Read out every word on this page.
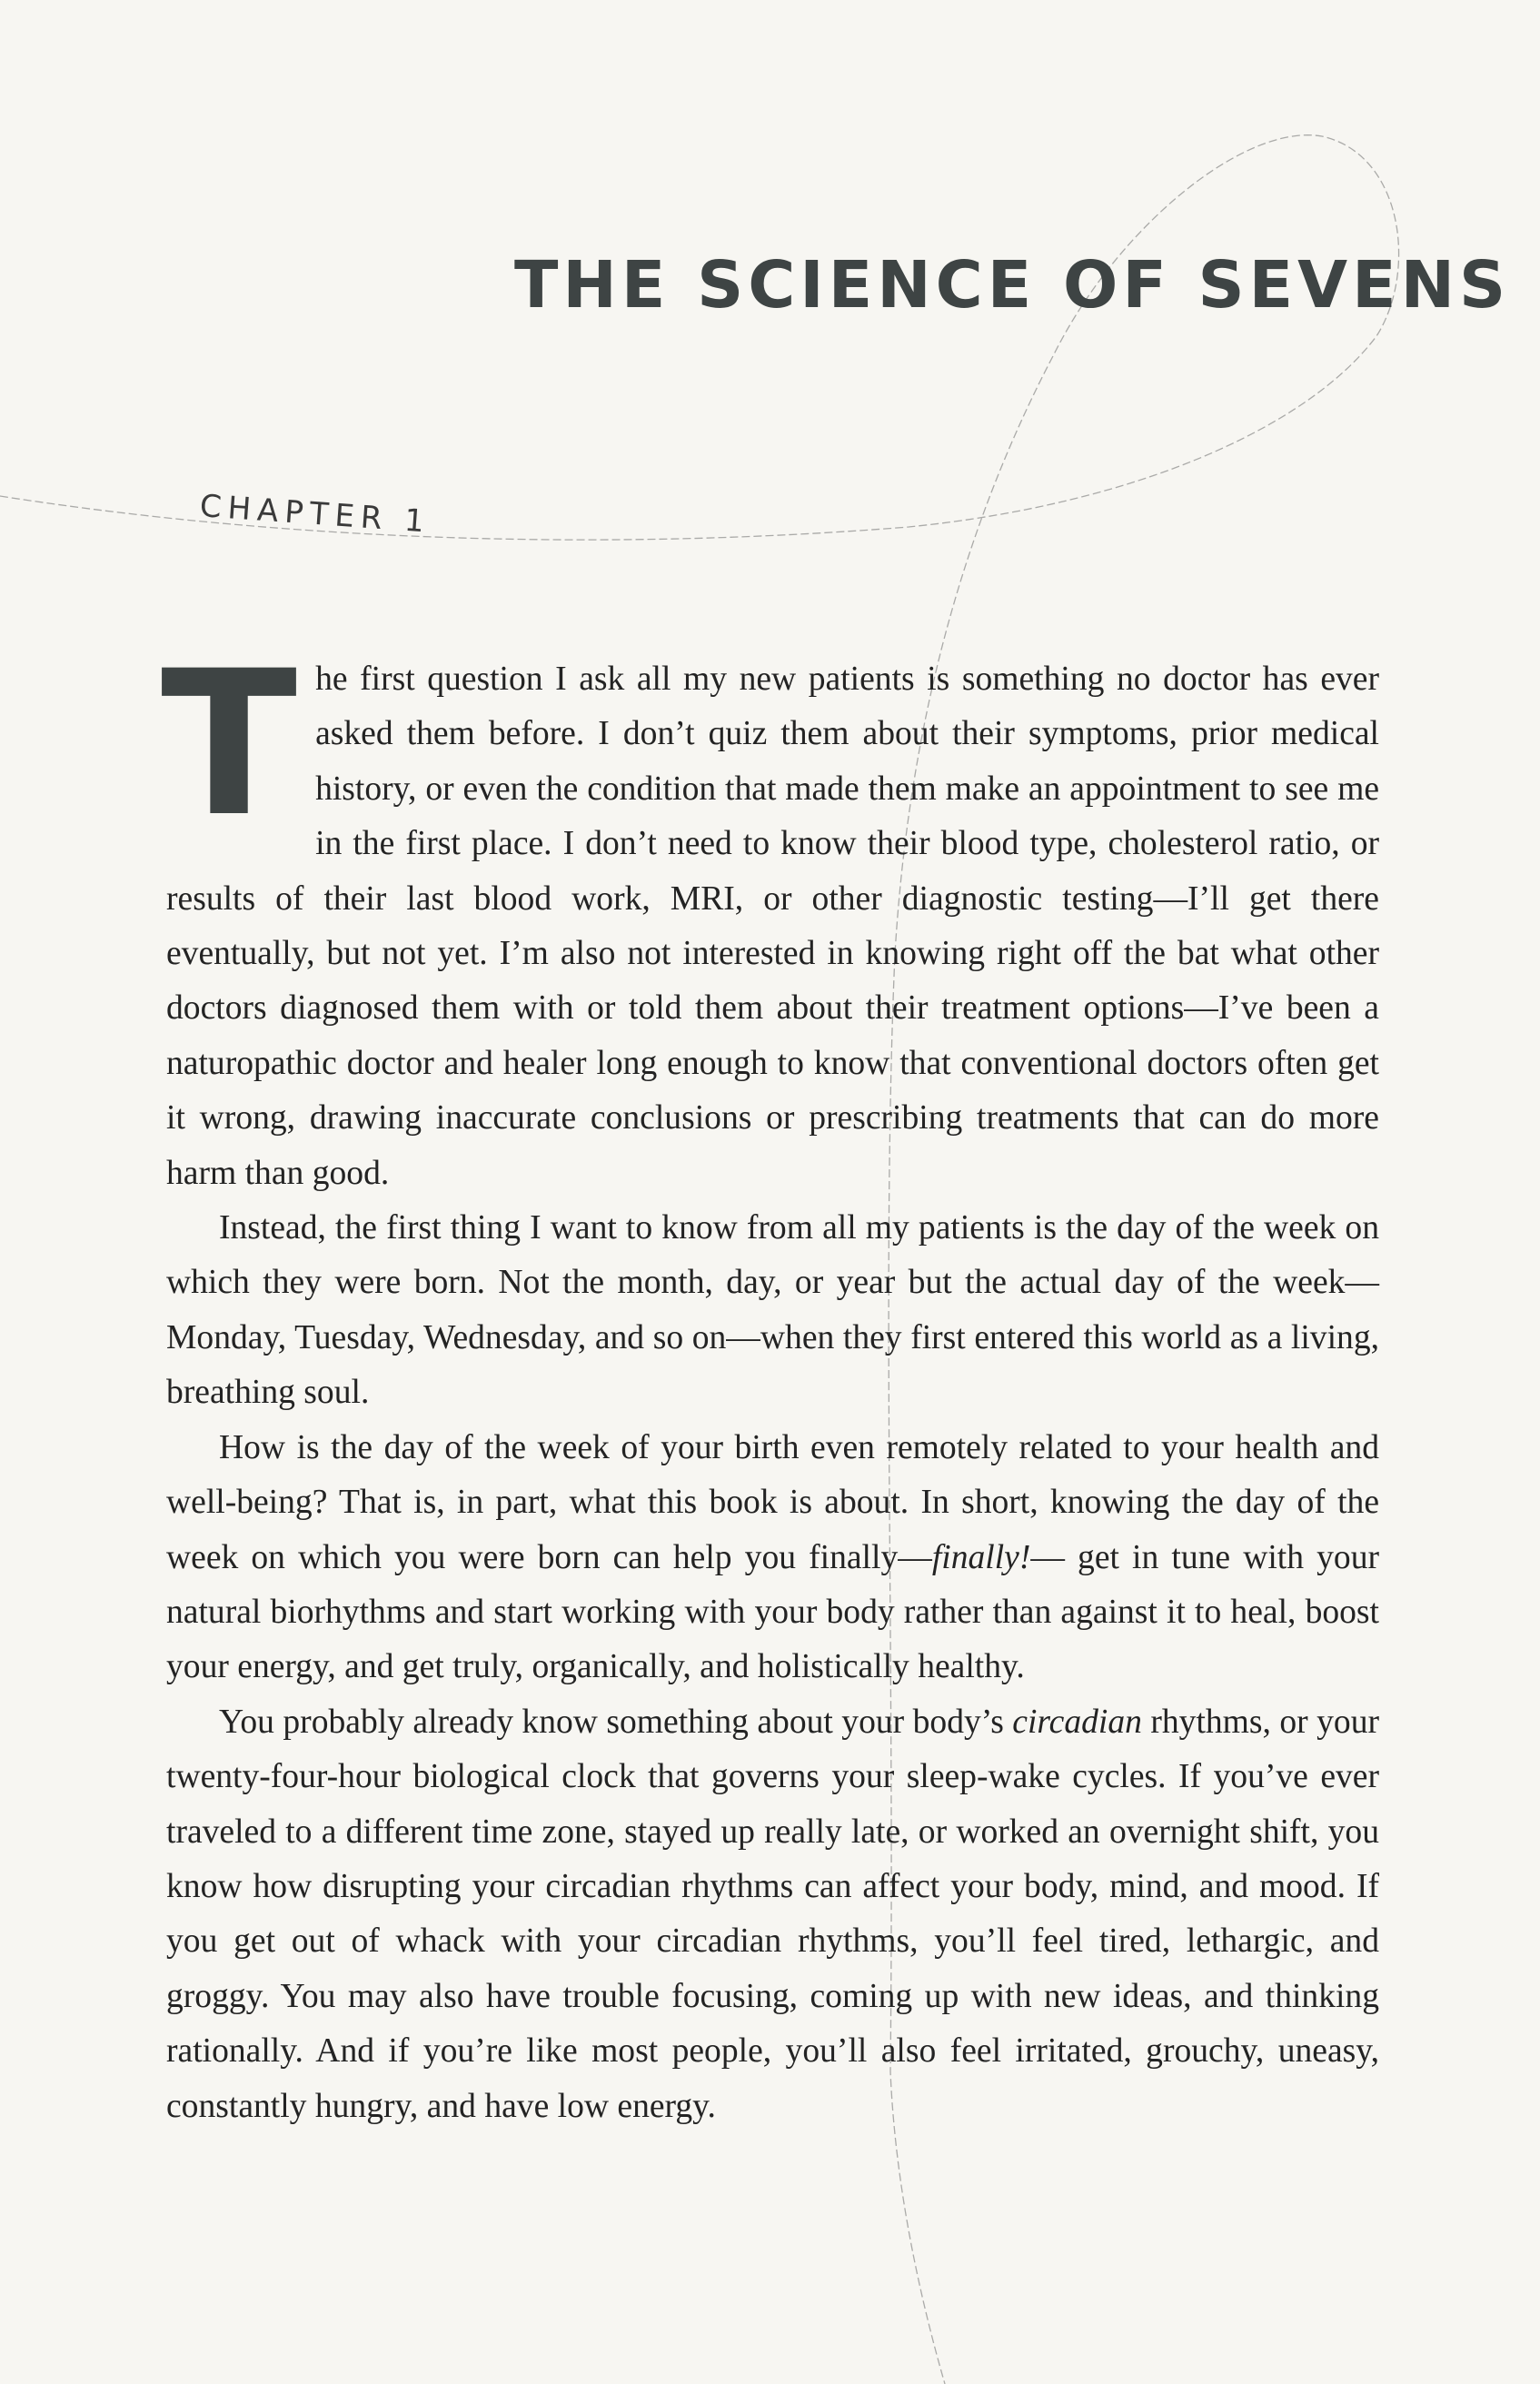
THE SCIENCE OF SEVENS
CHAPTER 1

The first question I ask all my new patients is something no doctor has ever asked them before. I don’t quiz them about their symptoms, prior medical history, or even the condition that made them make an appointment to see me in the first place. I don’t need to know their blood type, cholesterol ratio, or results of their last blood work, MRI, or other diagnostic testing—I’ll get there eventually, but not yet. I’m also not interested in knowing right off the bat what other doctors diagnosed them with or told them about their treatment options—I’ve been a naturopathic doctor and healer long enough to know that conventional doctors often get it wrong, drawing inaccurate conclusions or prescribing treatments that can do more harm than good.

Instead, the first thing I want to know from all my patients is the day of the week on which they were born. Not the month, day, or year but the actual day of the week—Monday, Tuesday, Wednesday, and so on—when they first entered this world as a living, breathing soul.

How is the day of the week of your birth even remotely related to your health and well-being? That is, in part, what this book is about. In short, knowing the day of the week on which you were born can help you finally—finally!— get in tune with your natural biorhythms and start working with your body rather than against it to heal, boost your energy, and get truly, organically, and holistically healthy.

You probably already know something about your body’s circadian rhythms, or your twenty-four-hour biological clock that governs your sleep-wake cycles. If you’ve ever traveled to a different time zone, stayed up really late, or worked an overnight shift, you know how disrupting your circadian rhythms can affect your body, mind, and mood. If you get out of whack with your circadian rhythms, you’ll feel tired, lethargic, and groggy. You may also have trouble focusing, coming up with new ideas, and thinking rationally. And if you’re like most people, you’ll also feel irritated, grouchy, uneasy, constantly hungry, and have low energy.
